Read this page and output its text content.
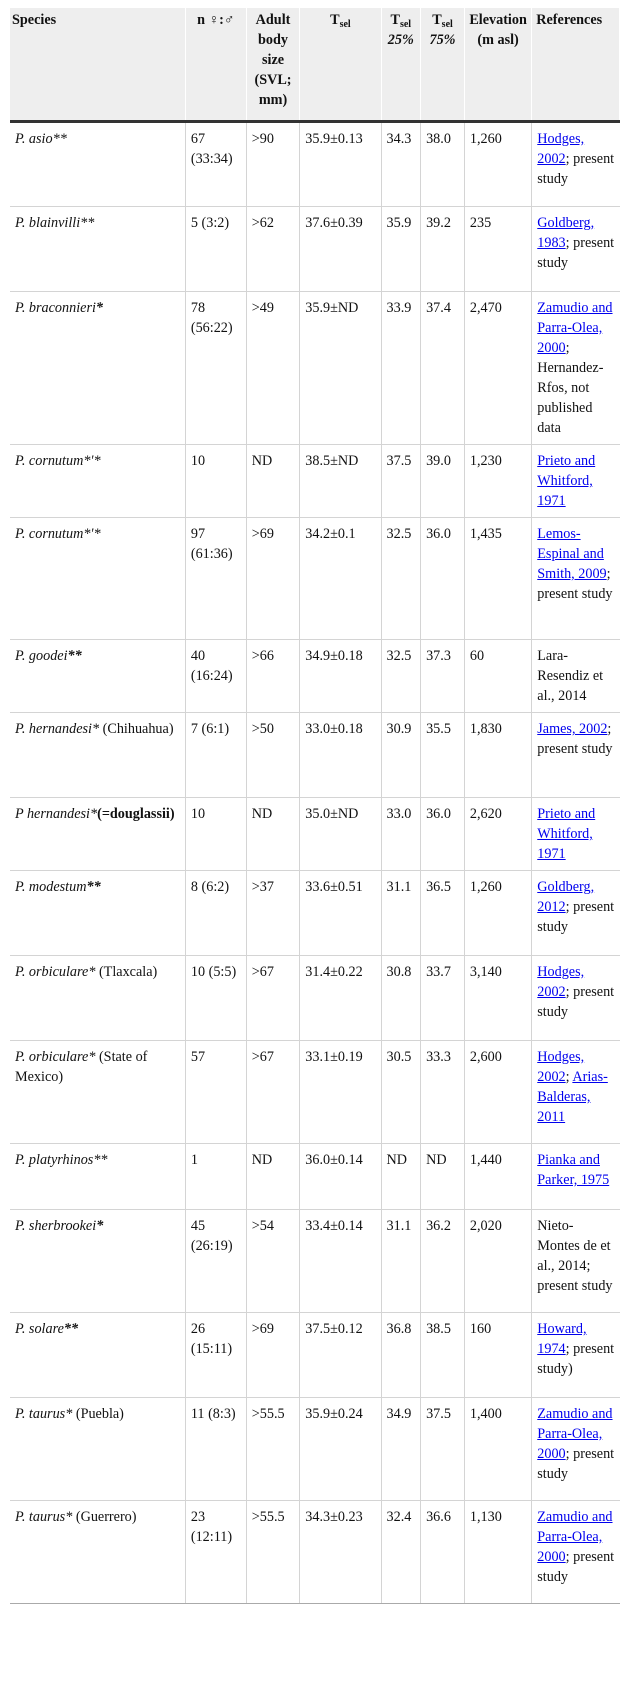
Species	n ♀:♂	Adult body size (SVL; mm)	$T_{sel}$	$T_{sel}$ 25%	$T_{sel}$ 75%	Elevation (m asl)	References
P. asio**	67 (33:34)	>90	35.9±0.13	34.3	38.0	1,260	Hodges, 2002; present study
P. blainvilli**	5 (3:2)	>62	37.6±0.39	35.9	39.2	235	Goldberg, 1983; present study
P. braconnieri*	78 (56:22)	>49	35.9±ND	33.9	37.4	2,470	Zamudio and Parra-Olea, 2000; Hernandez-Rfos, not published data
P. cornutum*'*	10	ND	38.5±ND	37.5	39.0	1,230	Prieto and Whitford, 1971
P. cornutum*'*	97 (61:36)	>69	34.2±0.1	32.5	36.0	1,435	Lemos-Espinal and Smith, 2009; present study
P. goodei**	40 (16:24)	>66	34.9±0.18	32.5	37.3	60	Lara-Resendiz et al., 2014
P. hernandesi* (Chihuahua)	7 (6:1)	>50	33.0±0.18	30.9	35.5	1,830	James, 2002; present study
P hernandesi*(=douglassii)	10	ND	35.0±ND	33.0	36.0	2,620	Prieto and Whitford, 1971
P. modestum**	8 (6:2)	>37	33.6±0.51	31.1	36.5	1,260	Goldberg, 2012; present study
P. orbiculare* (Tlaxcala)	10 (5:5)	>67	31.4±0.22	30.8	33.7	3,140	Hodges, 2002; present study
P. orbiculare* (State of Mexico)	57	>67	33.1±0.19	30.5	33.3	2,600	Hodges, 2002; Arias-Balderas, 2011
P. platyrhinos**	1	ND	36.0±0.14	ND	ND	1,440	Pianka and Parker, 1975
P. sherbrookei*	45 (26:19)	>54	33.4±0.14	31.1	36.2	2,020	Nieto-Montes de et al., 2014; present study
P. solare**	26 (15:11)	>69	37.5±0.12	36.8	38.5	160	Howard, 1974; present study)
P. taurus* (Puebla)	11 (8:3)	>55.5	35.9±0.24	34.9	37.5	1,400	Zamudio and Parra-Olea, 2000; present study
P. taurus* (Guerrero)	23 (12:11)	>55.5	34.3±0.23	32.4	36.6	1,130	Zamudio and Parra-Olea, 2000; present study
